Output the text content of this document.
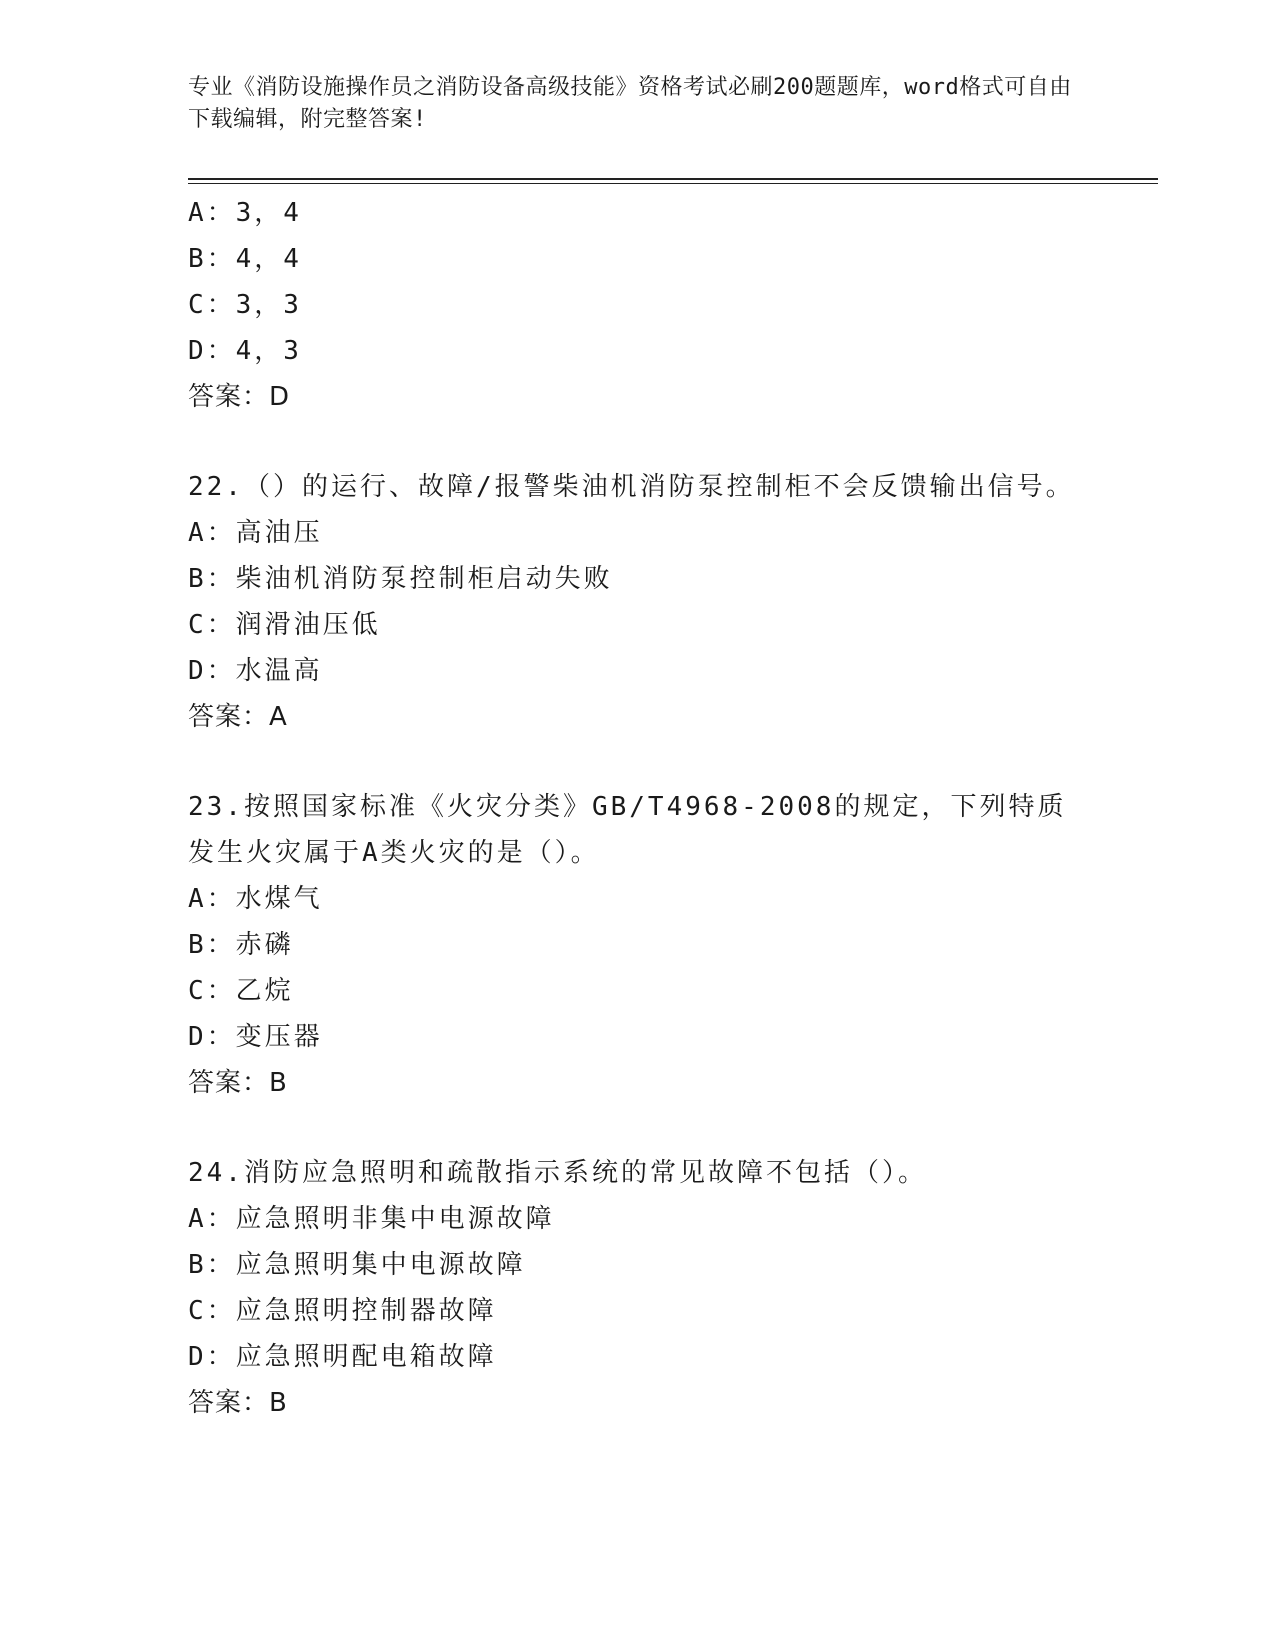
专业《消防设施操作员之消防设备高级技能》资格考试必刷200题题库，word格式可自由下载编辑，附完整答案!
A：3，4
B：4，4
C：3，3
D：4，3
答案：D
22.（）的运行、故障/报警柴油机消防泵控制柜不会反馈输出信号。
A：高油压
B：柴油机消防泵控制柜启动失败
C：润滑油压低
D：水温高
答案：A
23.按照国家标准《火灾分类》GB/T4968-2008的规定，下列特质发生火灾属于A类火灾的是（）。
A：水煤气
B：赤磷
C：乙烷
D：变压器
答案：B
24.消防应急照明和疏散指示系统的常见故障不包括（）。
A：应急照明非集中电源故障
B：应急照明集中电源故障
C：应急照明控制器故障
D：应急照明配电箱故障
答案：B
